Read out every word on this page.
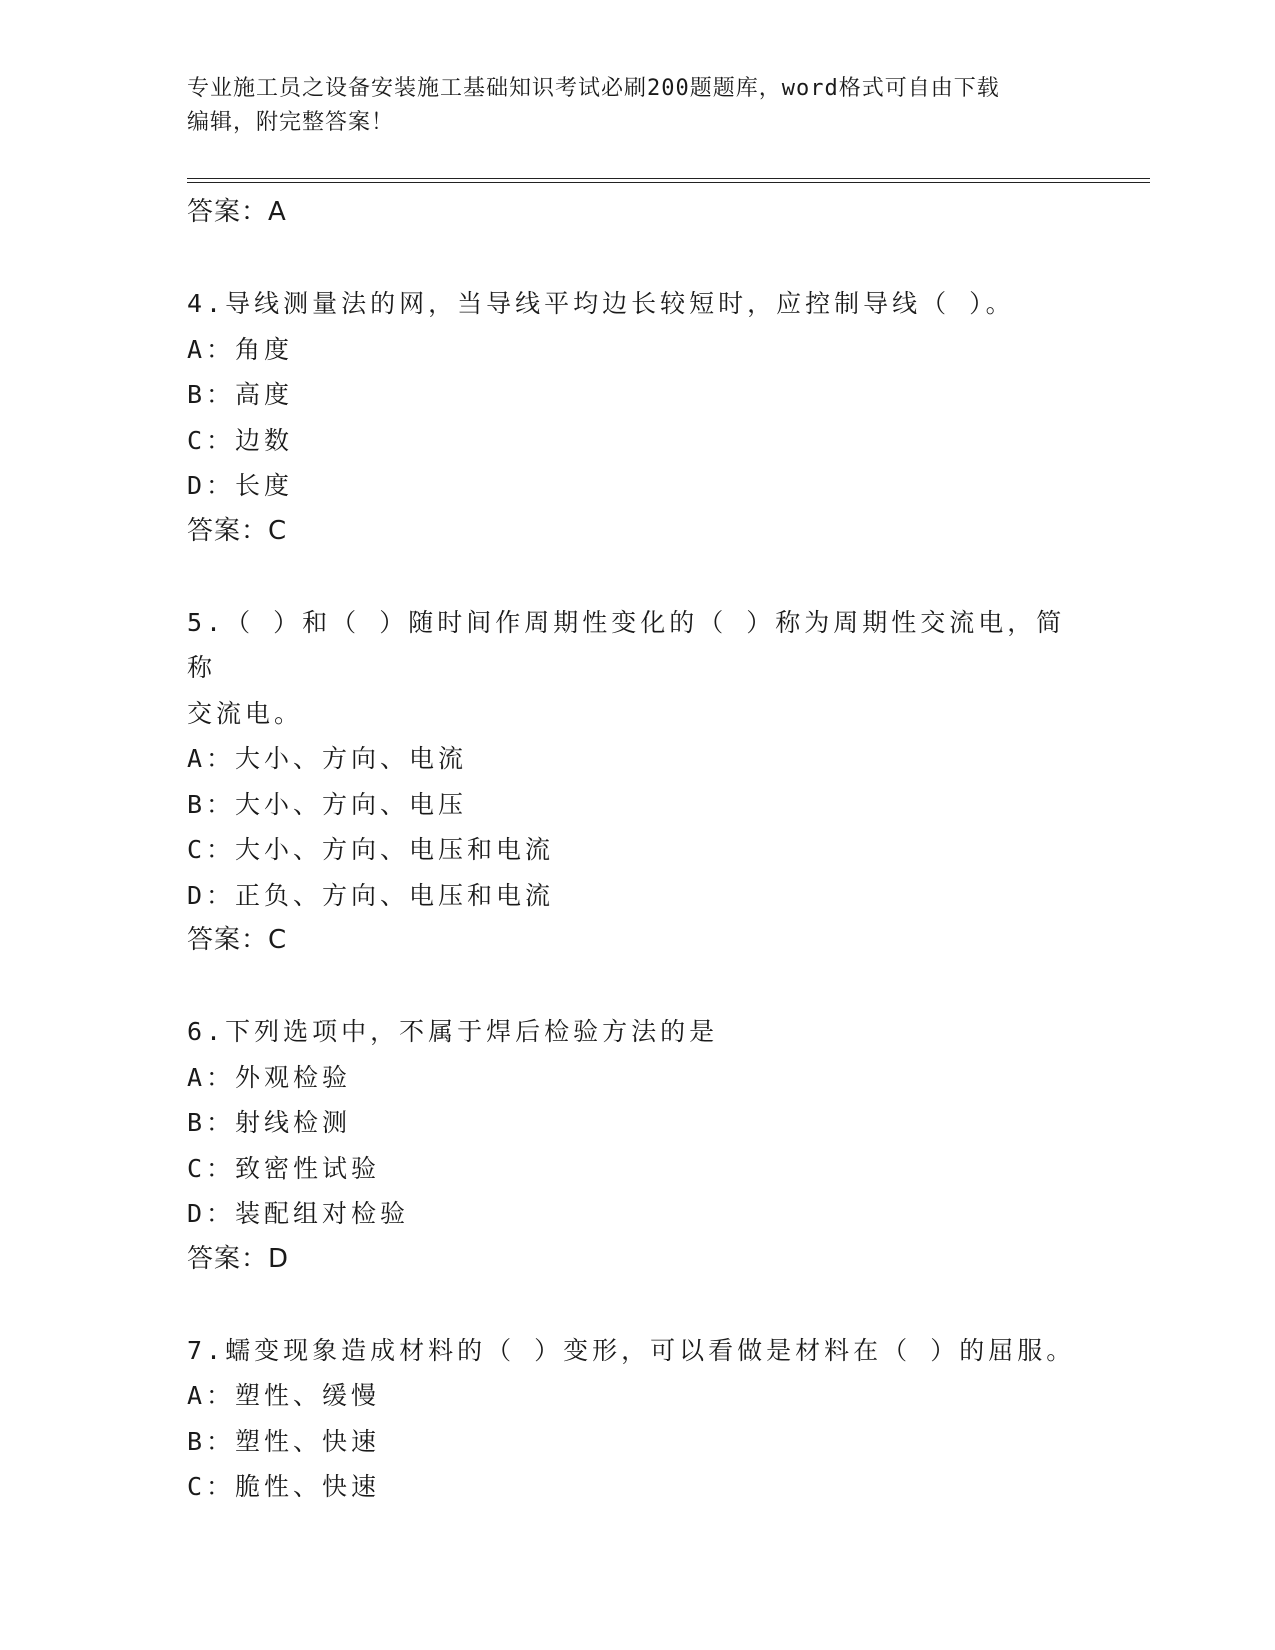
专业施工员之设备安装施工基础知识考试必刷200题题库，word格式可自由下载
编辑，附完整答案！
答案：A
4.导线测量法的网，当导线平均边长较短时，应控制导线（ ）。
A：角度
B：高度
C：边数
D：长度
答案：C
5.（ ）和（ ）随时间作周期性变化的（ ）称为周期性交流电，简称
交流电。
A：大小、方向、电流
B：大小、方向、电压
C：大小、方向、电压和电流
D：正负、方向、电压和电流
答案：C
6.下列选项中，不属于焊后检验方法的是
A：外观检验
B：射线检测
C：致密性试验
D：装配组对检验
答案：D
7.蠕变现象造成材料的（ ）变形，可以看做是材料在（ ）的屈服。
A：塑性、缓慢
B：塑性、快速
C：脆性、快速
